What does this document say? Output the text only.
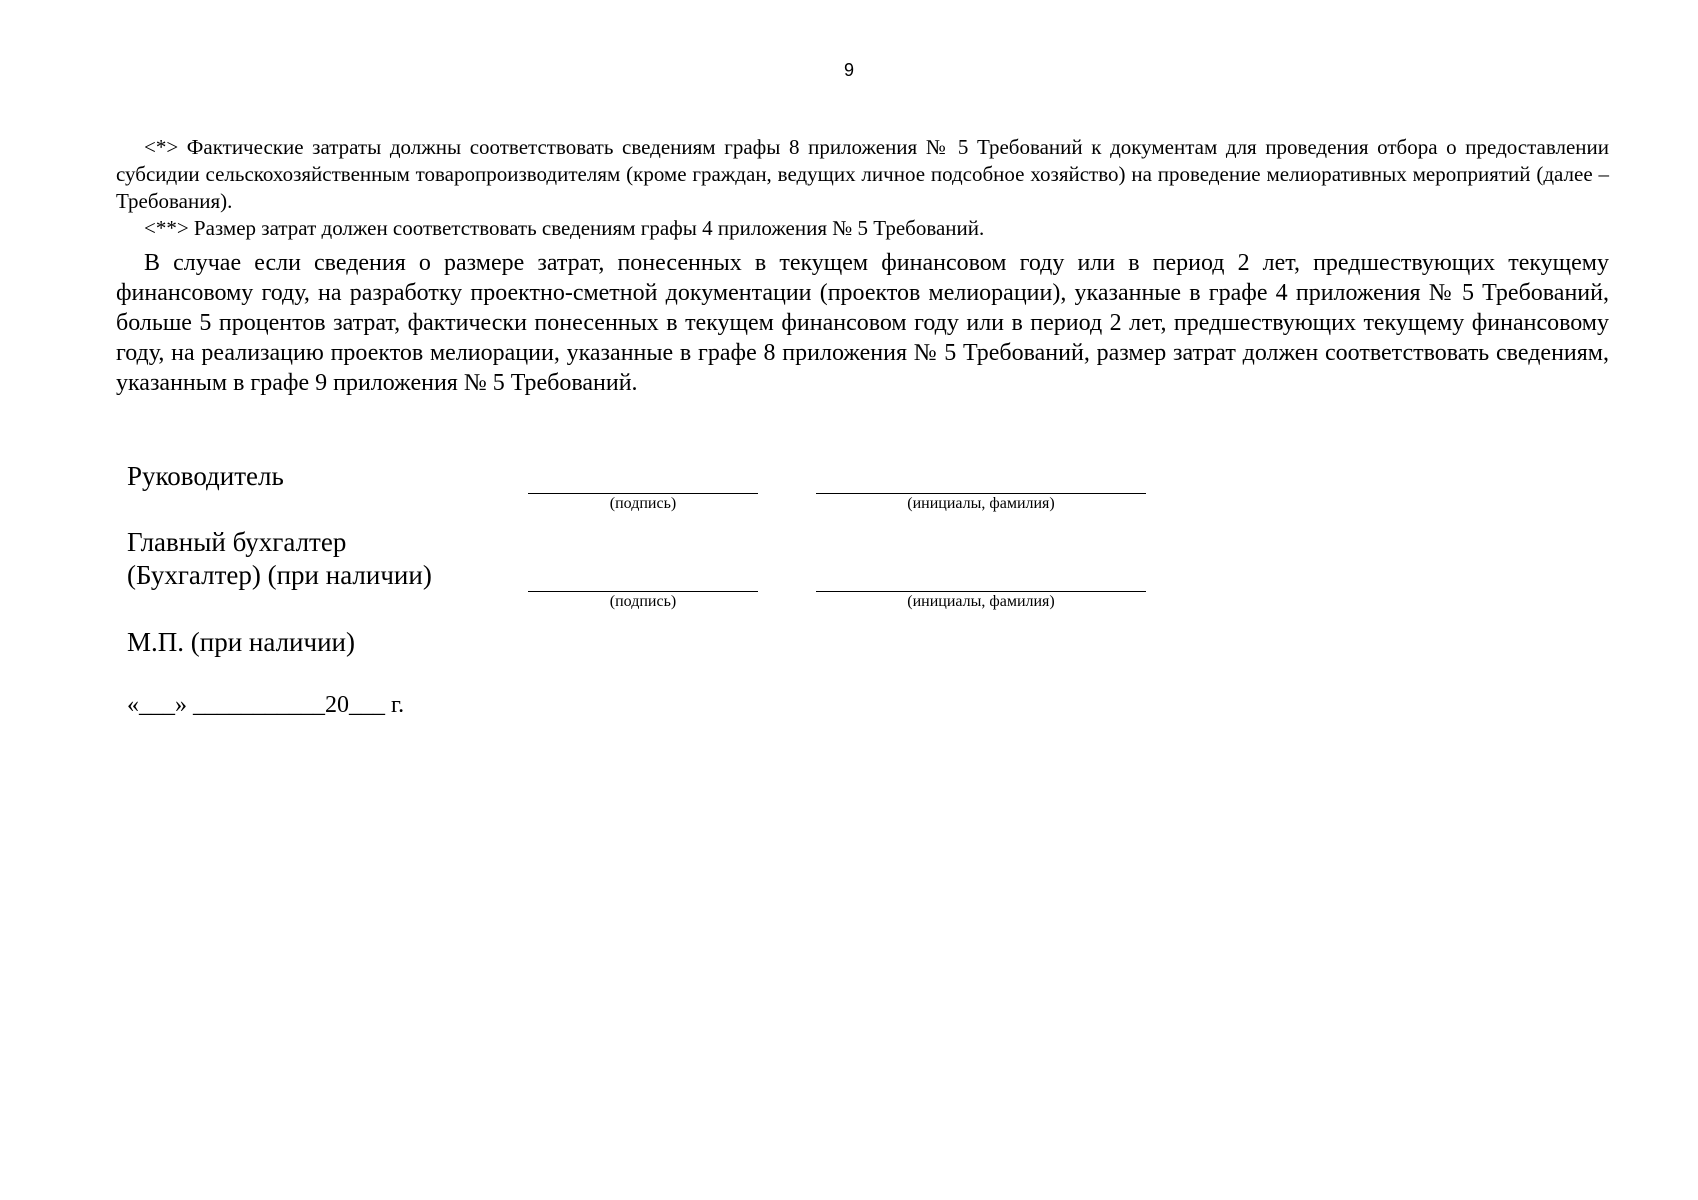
9

<*> Фактические затраты должны соответствовать сведениям графы 8 приложения № 5 Требований к документам для проведения отбора о предоставлении субсидии сельскохозяйственным товаропроизводителям (кроме граждан, ведущих личное подсобное хозяйство) на проведение мелиоративных мероприятий (далее – Требования).

<**> Размер затрат должен соответствовать сведениям графы 4 приложения № 5 Требований.

В случае если сведения о размере затрат, понесенных в текущем финансовом году или в период 2 лет, предшествующих текущему финансовому году, на разработку проектно-сметной документации (проектов мелиорации), указанные в графе 4 приложения № 5 Требований, больше 5 процентов затрат, фактически понесенных в текущем финансовом году или в период 2 лет, предшествующих текущему финансовому году, на реализацию проектов мелиорации, указанные в графе 8 приложения № 5 Требований, размер затрат должен соответствовать сведениям, указанным в графе 9 приложения № 5 Требований.

Руководитель
(подпись)	(инициалы, фамилия)
Главный бухгалтер
(Бухгалтер) (при наличии)
(подпись)	(инициалы, фамилия)
М.П. (при наличии)
«___» ___________20___ г.
